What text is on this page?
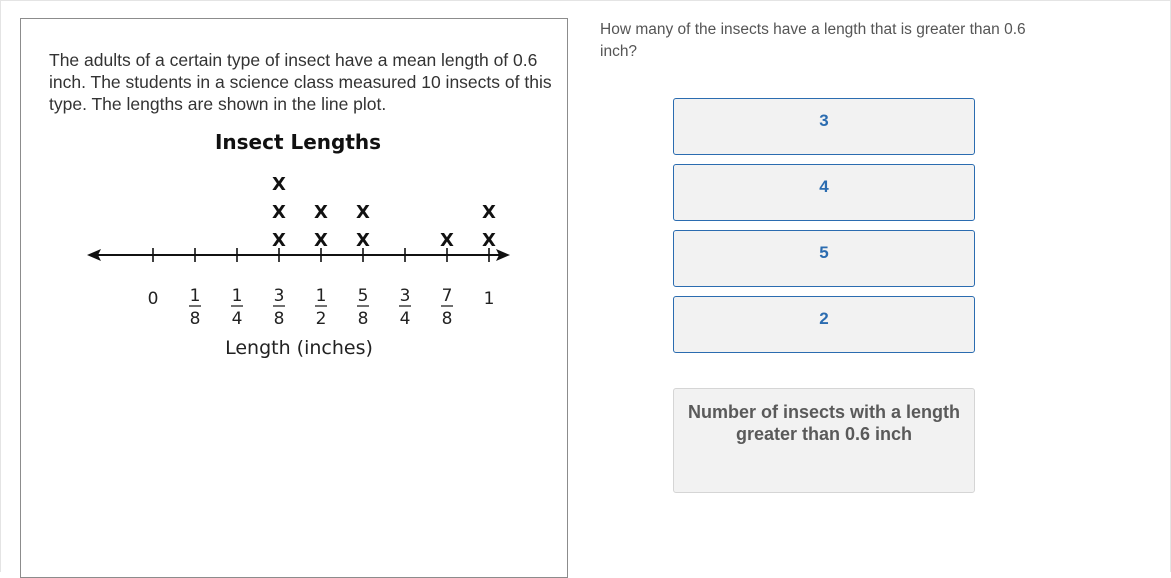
The adults of a certain type of insect have a mean length of 0.6 inch. The students in a science class measured 10 insects of this type. The lengths are shown in the line plot.

Insect Lengths
0 1
8
1
4
3
8
1
2
5
8
3
4
7
8
1
X
X
X
X
X
X
X
X X
X
Length (inches)

How many of the insects have a length that is greater than 0.6 inch?

3
4
5
2
Number of insects with a length greater than 0.6 inch
